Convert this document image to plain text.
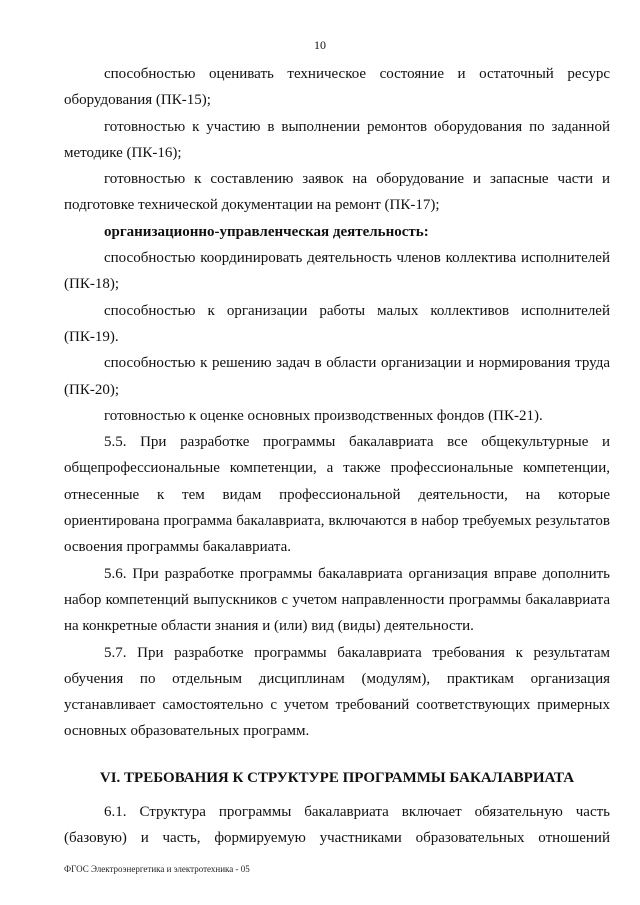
10

способностью оценивать техническое состояние и остаточный ресурс оборудования (ПК-15);

готовностью к участию в выполнении ремонтов оборудования по заданной методике (ПК-16);

готовностью к составлению заявок на оборудование и запасные части и подготовке технической документации на ремонт (ПК-17);

организационно-управленческая деятельность:

способностью координировать деятельность членов коллектива исполнителей (ПК-18);

способностью к организации работы малых коллективов исполнителей (ПК-19).

способностью к решению задач в области организации и нормирования труда (ПК-20);

готовностью к оценке основных производственных фондов (ПК-21).

5.5. При разработке программы бакалавриата все общекультурные и общепрофессиональные компетенции, а также профессиональные компетенции, отнесенные к тем видам профессиональной деятельности, на которые ориентирована программа бакалавриата, включаются в набор требуемых результатов освоения программы бакалавриата.

5.6. При разработке программы бакалавриата организация вправе дополнить набор компетенций выпускников с учетом направленности программы бакалавриата на конкретные области знания и (или) вид (виды) деятельности.

5.7. При разработке программы бакалавриата требования к результатам обучения по отдельным дисциплинам (модулям), практикам организация устанавливает самостоятельно с учетом требований соответствующих примерных основных образовательных программ.

VI. ТРЕБОВАНИЯ К СТРУКТУРЕ ПРОГРАММЫ БАКАЛАВРИАТА

6.1. Структура программы бакалавриата включает обязательную часть (базовую) и часть, формируемую участниками образовательных отношений

ФГОС Электроэнергетика и электротехника - 05
